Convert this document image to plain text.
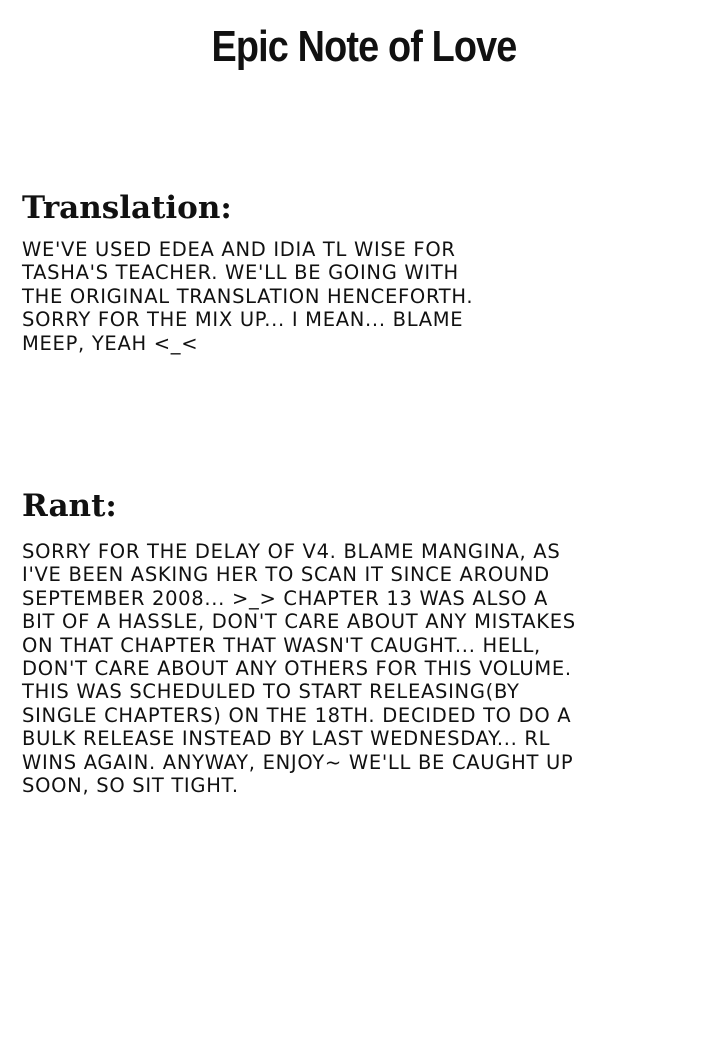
Epic Note of Love
Translation:
WE'VE USED EDEA AND IDIA TL WISE FOR
TASHA'S TEACHER. WE'LL BE GOING WITH
THE ORIGINAL TRANSLATION HENCEFORTH.
SORRY FOR THE MIX UP... I MEAN... BLAME
MEEP, YEAH <_<
Rant:
SORRY FOR THE DELAY OF V4. BLAME MANGINA, AS
I'VE BEEN ASKING HER TO SCAN IT SINCE AROUND
SEPTEMBER 2008... >_> CHAPTER 13 WAS ALSO A
BIT OF A HASSLE, DON'T CARE ABOUT ANY MISTAKES
ON THAT CHAPTER THAT WASN'T CAUGHT... HELL,
DON'T CARE ABOUT ANY OTHERS FOR THIS VOLUME.
THIS WAS SCHEDULED TO START RELEASING(BY
SINGLE CHAPTERS) ON THE 18TH. DECIDED TO DO A
BULK RELEASE INSTEAD BY LAST WEDNESDAY... RL
WINS AGAIN. ANYWAY, ENJOY~ WE'LL BE CAUGHT UP
SOON, SO SIT TIGHT.
